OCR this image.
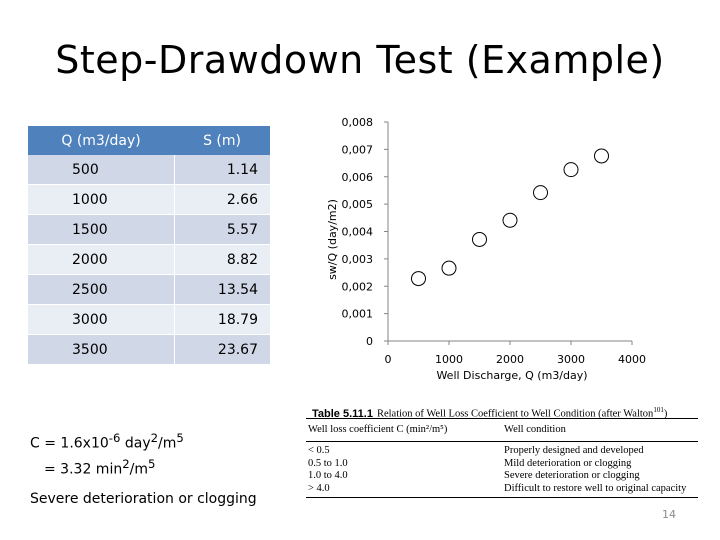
Step-Drawdown Test (Example)
Q (m3/day)	S (m)
500	1.14
1000	2.66
1500	5.57
2000	8.82
2500	13.54
3000	18.79
3500	23.67
$C = 1.6x10^{-6}$ $day^2/m^5$
= 3.32 $\min^2/m^5$
Severe deterioration or clogging
Well Discharge, Q (m3/day)
sw/Q (day/m2)
0
0,001
0,002
0,003
0,004
0,005
0,006
0,007
0,008
0	1000	2000	3000	4000
Table 5.11.1 Relation of Well Loss Coefficient to Well Condition (after Walton$^{101}$)
Well loss coefficient C (min²/m⁵)	Well condition
< 0.5	Properly designed and developed
0.5 to 1.0	Mild deterioration or clogging
1.0 to 4.0	Severe deterioration or clogging
> 4.0	Difficult to restore well to original capacity
14
